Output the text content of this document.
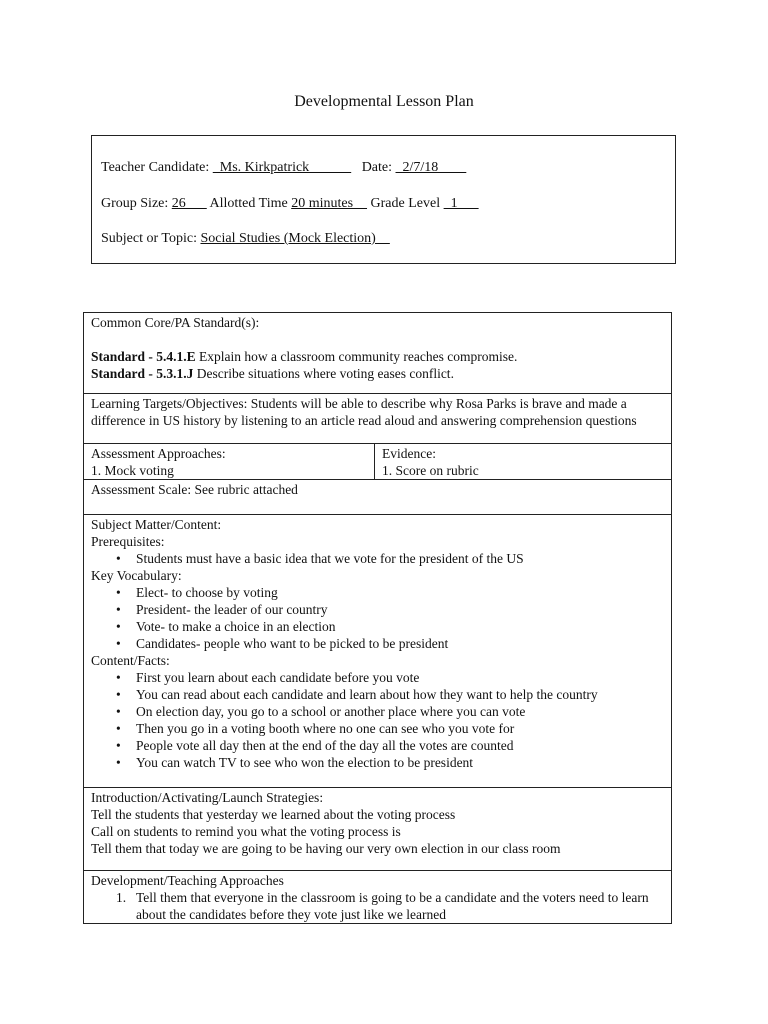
Developmental Lesson Plan
Teacher Candidate:   Ms. Kirkpatrick               Date:   2/7/18
Group Size: 26       Allotted Time 20 minutes     Grade Level   1
Subject or Topic: Social Studies (Mock Election)
Common Core/PA Standard(s):
Standard - 5.4.1.E Explain how a classroom community reaches compromise.
Standard - 5.3.1.J Describe situations where voting eases conflict.

Learning Targets/Objectives: Students will be able to describe why Rosa Parks is brave and made a difference in US history by listening to an article read aloud and answering comprehension questions

Assessment Approaches:
1. Mock voting

Evidence:
1. Score on rubric

Assessment Scale: See rubric attached

Subject Matter/Content:
Prerequisites:
• Students must have a basic idea that we vote for the president of the US
Key Vocabulary:
• Elect- to choose by voting
• President- the leader of our country
• Vote- to make a choice in an election
• Candidates- people who want to be picked to be president
Content/Facts:
• First you learn about each candidate before you vote
• You can read about each candidate and learn about how they want to help the country
• On election day, you go to a school or another place where you can vote
• Then you go in a voting booth where no one can see who you vote for
• People vote all day then at the end of the day all the votes are counted
• You can watch TV to see who won the election to be president

Introduction/Activating/Launch Strategies:
Tell the students that yesterday we learned about the voting process
Call on students to remind you what the voting process is
Tell them that today we are going to be having our very own election in our class room

Development/Teaching Approaches
1. Tell them that everyone in the classroom is going to be a candidate and the voters need to learn about the candidates before they vote just like we learned
